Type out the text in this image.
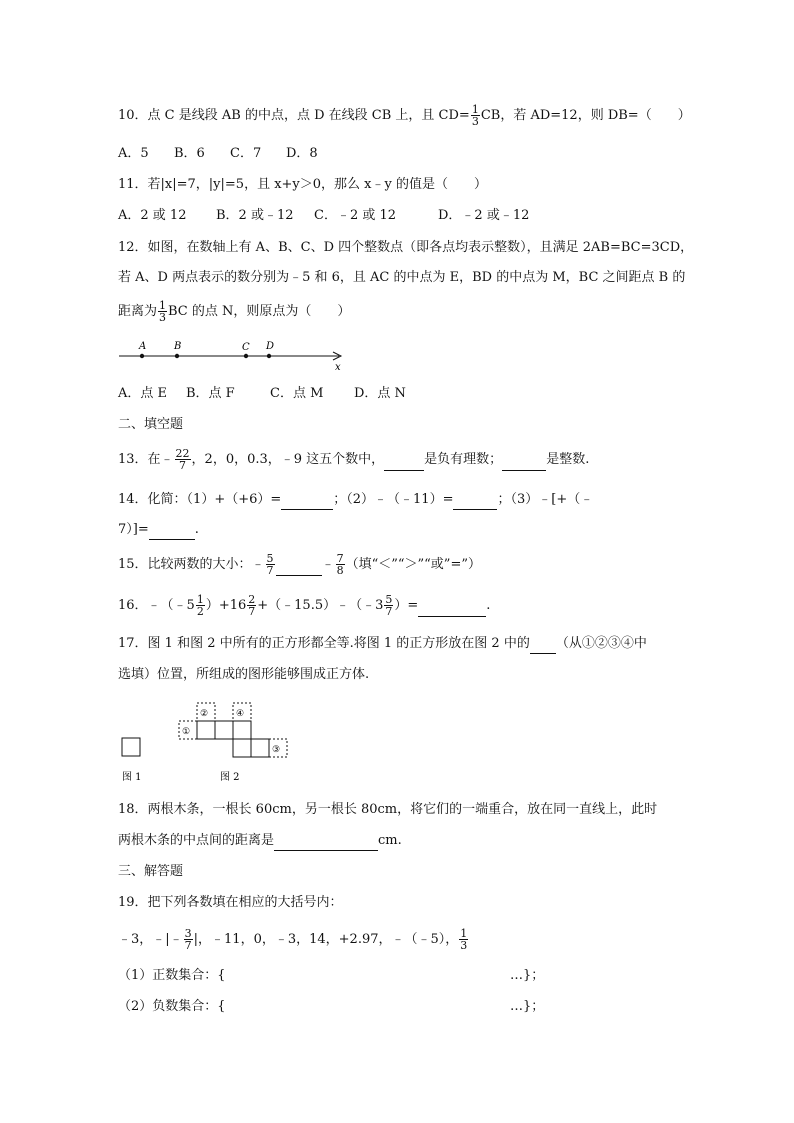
10．点 C 是线段 AB 的中点，点 D 在线段 CB 上，且 $CD= \frac{1}{3}$ CB，若 AD=12，则 DB=（　　）
A．5 B．6 C．7 D．8
11．若|x|=7，|y|=5，且 x+y＞0，那么 x﹣y 的值是（　　）
A．2 或 12 B．2 或﹣12 C．﹣2 或 12	D．﹣2 或﹣12
12．如图，在数轴上有 A、B、C、D 四个整数点（即各点均表示整数），且满足 2AB=BC=3CD，
若 A、D 两点表示的数分别为﹣5 和 6，且 AC 的中点为 E，BD 的中点为 M，BC 之间距点 B 的
距离为 $\frac{1}{3}$ BC 的点 N，则原点为（　　）
A	B	C D
x
A．点 E B．点 F	C．点 M D．点 N
二、填空题
13．在﹣ $\frac{22}{7}$ ，2，0，0.3，﹣9 这五个数中，	是负有理数；	是整数.
14．化简：（1）+（+6）=	；（2）﹣（﹣11）=	；（3）﹣[+（﹣
7）]=	.
15．比较两数的大小：﹣ $\frac{5}{7}$	﹣ $\frac{7}{8}$ （填“＜”“＞”“或”=”）
16．﹣（﹣5 $\frac{1}{2} )+16 \frac{2}{7}$ +（﹣15.5）﹣（﹣3 $\frac{5}{7}$ ）=	.
17．图 1 和图 2 中所有的正方形都全等.将图 1 的正方形放在图 2 中的 （从①②③④中
选填）位置，所组成的图形能够围成正方体.
图 1
①
②	④
③
图 2
18．两根木条，一根长 60cm，另一根长 80cm，将它们的一端重合，放在同一直线上，此时
两根木条的中点间的距离是	cm.
三、解答题
19．把下列各数填在相应的大括号内：
﹣3，﹣|﹣ $\frac{3}{7}$ |，﹣11，0，﹣3，14，+2.97，﹣（﹣5）， $\frac{1}{3}$
（1）正数集合：{	…}；
（2）负数集合：{	…}；
